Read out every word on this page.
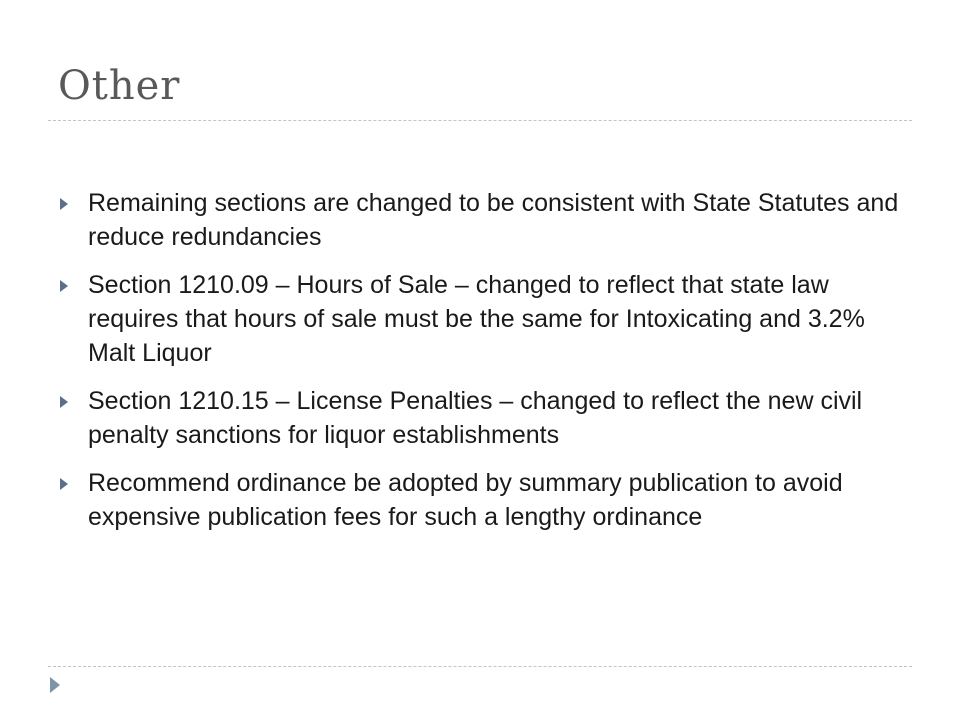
Other
Remaining sections are changed to be consistent with State Statutes and reduce redundancies
Section 1210.09 – Hours of Sale – changed to reflect that state law requires that hours of sale must be the same for Intoxicating and 3.2% Malt Liquor
Section 1210.15 – License Penalties – changed to reflect the new civil penalty sanctions for liquor establishments
Recommend ordinance be adopted by summary publication to avoid expensive publication fees for such a lengthy ordinance
